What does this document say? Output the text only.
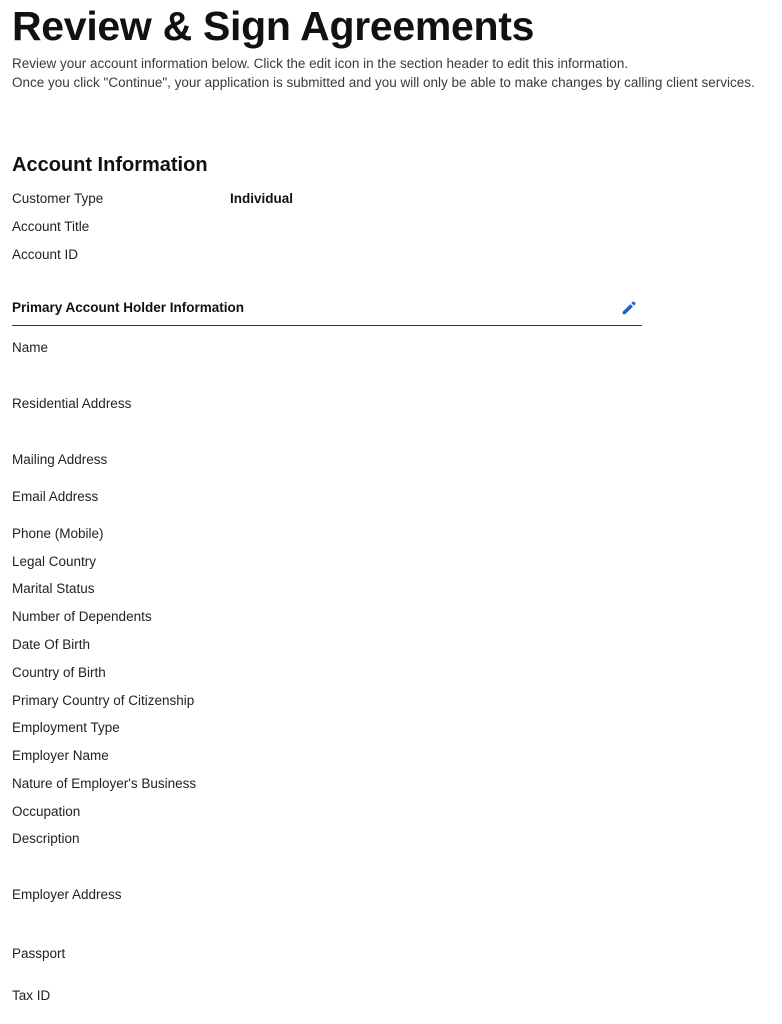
Review & Sign Agreements
Review your account information below. Click the edit icon in the section header to edit this information.
Once you click "Continue", your application is submitted and you will only be able to make changes by calling client services.
Account Information
Customer Type	Individual
Account Title
Account ID
Primary Account Holder Information
Name
Residential Address
Mailing Address
Email Address
Phone (Mobile)
Legal Country
Marital Status
Number of Dependents
Date Of Birth
Country of Birth
Primary Country of Citizenship
Employment Type
Employer Name
Nature of Employer's Business
Occupation
Description
Employer Address
Passport
Tax ID
